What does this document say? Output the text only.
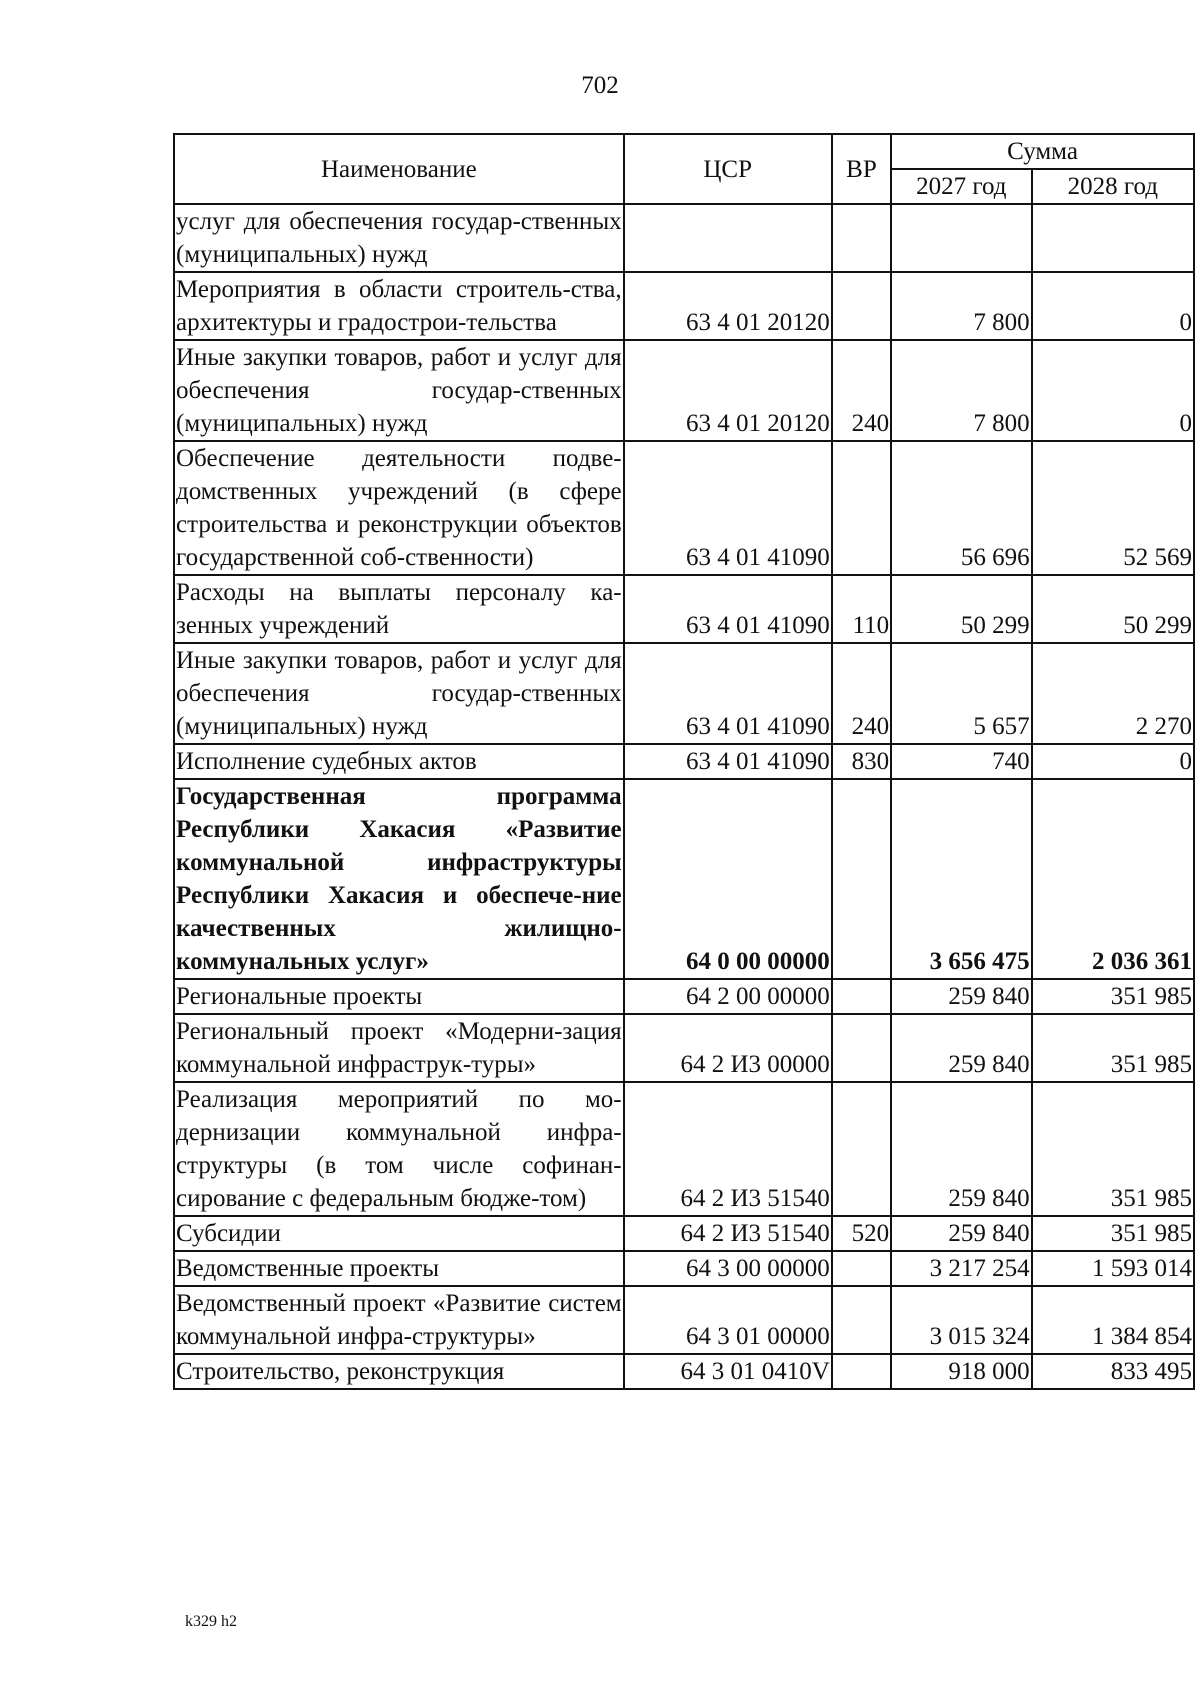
702
Наименование	ЦСР	ВР	Сумма	
			2027 год	2028 год
услуг для обеспечения государ-ственных (муниципальных) нужд				
Мероприятия в области строитель-ства, архитектуры и градострои-тельства	63 4 01 20120		7 800	0
Иные закупки товаров, работ и услуг для обеспечения государ-ственных (муниципальных) нужд	63 4 01 20120	240	7 800	0
Обеспечение деятельности подве-домственных учреждений (в сфере строительства и реконструкции объектов государственной соб-ственности)	63 4 01 41090		56 696	52 569
Расходы на выплаты персоналу ка-зенных учреждений	63 4 01 41090	110	50 299	50 299
Иные закупки товаров, работ и услуг для обеспечения государ-ственных (муниципальных) нужд	63 4 01 41090	240	5 657	2 270
Исполнение судебных актов	63 4 01 41090	830	740	0
Государственная программа Республики Хакасия «Развитие коммунальной инфраструктуры Республики Хакасия и обеспече-ние качественных жилищно-коммунальных услуг»	64 0 00 00000		3 656 475	2 036 361
Региональные проекты	64 2 00 00000		259 840	351 985
Региональный проект «Модерни-зация коммунальной инфраструк-туры»	64 2 И3 00000		259 840	351 985
Реализация мероприятий по мо-дернизации коммунальной инфра-структуры (в том числе софинан-сирование с федеральным бюдже-том)	64 2 И3 51540		259 840	351 985
Субсидии	64 2 И3 51540	520	259 840	351 985
Ведомственные проекты	64 3 00 00000		3 217 254	1 593 014
Ведомственный проект «Развитие систем коммунальной инфра-структуры»	64 3 01 00000		3 015 324	1 384 854
Строительство, реконструкция	64 3 01 0410V		918 000	833 495
k329 h2
